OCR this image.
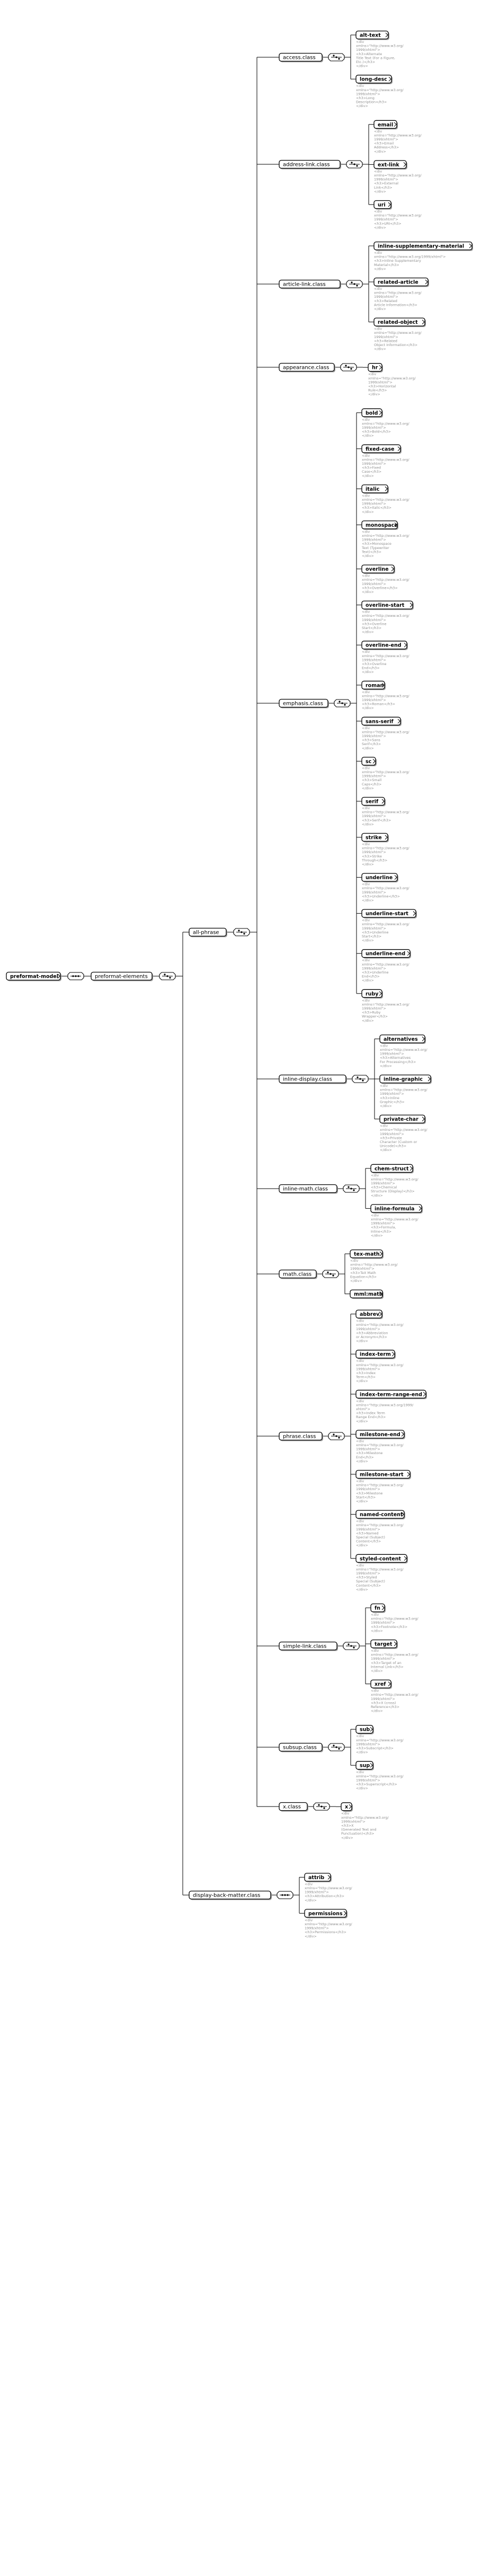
preformat-model	preformat-elements
all-phrase
access.class
alt-text
<div
xmlns="http://www.w3.org/
1999/xhtml">
<h3>Alternate
Title Text (For a Figure,
Etc.)</h3>
</div>
long-desc
<div
xmlns="http://www.w3.org/
1999/xhtml">
<h3>Long
Description</h3>
</div>
address-link.class
email
<div
xmlns="http://www.w3.org/
1999/xhtml">
<h3>Email
Address</h3>
</div>
ext-link
<div
xmlns="http://www.w3.org/
1999/xhtml">
<h3>External
Link</h3>
</div>
uri
<div
xmlns="http://www.w3.org/
1999/xhtml">
<h3>URI</h3>
</div>
article-link.class
inline-supplementary-material
<div
xmlns="http://www.w3.org/1999/xhtml">
<h3>Inline Supplementary
Material</h3>
</div>
related-article
<div
xmlns="http://www.w3.org/
1999/xhtml">
<h3>Related
Article Information</h3>
</div>
related-object
<div
xmlns="http://www.w3.org/
1999/xhtml">
<h3>Related
Object Information</h3>
</div>
appearance.class	hr
<div
xmlns="http://www.w3.org/
1999/xhtml">
<h3>Horizontal
Rule</h3>
</div>
emphasis.class
bold
<div
xmlns="http://www.w3.org/
1999/xhtml">
<h3>Bold</h3>
</div>
fixed-case
<div
xmlns="http://www.w3.org/
1999/xhtml">
<h3>Fixed
Case</h3>
</div>
italic
<div
xmlns="http://www.w3.org/
1999/xhtml">
<h3>Italic</h3>
</div>
monospace
<div
xmlns="http://www.w3.org/
1999/xhtml">
<h3>Monospace
Text (Typewriter
Text)</h3>
</div>
overline
<div
xmlns="http://www.w3.org/
1999/xhtml">
<h3>Overline</h3>
</div>
overline-start
<div
xmlns="http://www.w3.org/
1999/xhtml">
<h3>Overline
Start</h3>
</div>
overline-end
<div
xmlns="http://www.w3.org/
1999/xhtml">
<h3>Overline
End</h3>
</div>
roman
<div
xmlns="http://www.w3.org/
1999/xhtml">
<h3>Roman</h3>
</div>
sans-serif
<div
xmlns="http://www.w3.org/
1999/xhtml">
<h3>Sans
Serif</h3>
</div>
sc
<div
xmlns="http://www.w3.org/
1999/xhtml">
<h3>Small
Caps</h3>
</div>
serif
<div
xmlns="http://www.w3.org/
1999/xhtml">
<h3>Serif</h3>
</div>
strike
<div
xmlns="http://www.w3.org/
1999/xhtml">
<h3>Strike
Through</h3>
</div>
underline
<div
xmlns="http://www.w3.org/
1999/xhtml">
<h3>Underline</h3>
</div>
underline-start
<div
xmlns="http://www.w3.org/
1999/xhtml">
<h3>Underline
Start</h3>
</div>
underline-end
<div
xmlns="http://www.w3.org/
1999/xhtml">
<h3>Underline
End</h3>
</div>
ruby
<div
xmlns="http://www.w3.org/
1999/xhtml">
<h3>Ruby
Wrapper</h3>
</div>
inline-display.class
alternatives
<div
xmlns="http://www.w3.org/
1999/xhtml">
<h3>Alternatives
For Processing</h3>
</div>
inline-graphic
<div
xmlns="http://www.w3.org/
1999/xhtml">
<h3>Inline
Graphic</h3>
</div>
private-char
<div
xmlns="http://www.w3.org/
1999/xhtml">
<h3>Private
Character (Custom or
Unicode)</h3>
</div>
inline-math.class
chem-struct
<div
xmlns="http://www.w3.org/
1999/xhtml">
<h3>Chemical
Structure (Display)</h3>
</div>
inline-formula
<div
xmlns="http://www.w3.org/
1999/xhtml">
<h3>Formula,
Inline</h3>
</div>
math.class
tex-math
<div
xmlns="http://www.w3.org/
1999/xhtml">
<h3>TeX Math
Equation</h3>
</div>
mml:math
phrase.class
abbrev
<div
xmlns="http://www.w3.org/
1999/xhtml">
<h3>Abbreviation
or Acronym</h3>
</div>
index-term
<div
xmlns="http://www.w3.org/
1999/xhtml">
<h3>Index
Term</h3>
</div>
index-term-range-end
<div
xmlns="http://www.w3.org/1999/
xhtml">
<h3>Index Term
Range End</h3>
</div>
milestone-end
<div
xmlns="http://www.w3.org/
1999/xhtml">
<h3>Milestone
End</h3>
</div>
milestone-start
<div
xmlns="http://www.w3.org/
1999/xhtml">
<h3>Milestone
Start</h3>
</div>
named-content
<div
xmlns="http://www.w3.org/
1999/xhtml">
<h3>Named
Special (Subject)
Content</h3>
</div>
styled-content
<div
xmlns="http://www.w3.org/
1999/xhtml">
<h3>Styled
Special (Subject)
Content</h3>
</div>
simple-link.class
fn
<div
xmlns="http://www.w3.org/
1999/xhtml">
<h3>Footnote</h3>
</div>
target
<div
xmlns="http://www.w3.org/
1999/xhtml">
<h3>Target of an
Internal Link</h3>
</div>
xref
<div
xmlns="http://www.w3.org/
1999/xhtml">
<h3>X (cross)
Reference</h3>
</div>
subsup.class
sub
<div
xmlns="http://www.w3.org/
1999/xhtml">
<h3>Subscript</h3>
</div>
sup
<div
xmlns="http://www.w3.org/
1999/xhtml">
<h3>Superscript</h3>
</div>
x.class	x
<div
xmlns="http://www.w3.org/
1999/xhtml">
<h3>X
(Generated Text and
Punctuation)</h3>
</div>
display-back-matter.class
attrib
<div
xmlns="http://www.w3.org/
1999/xhtml">
<h3>Attribution</h3>
</div>
permissions
<div
xmlns="http://www.w3.org/
1999/xhtml">
<h3>Permissions</h3>
</div>
